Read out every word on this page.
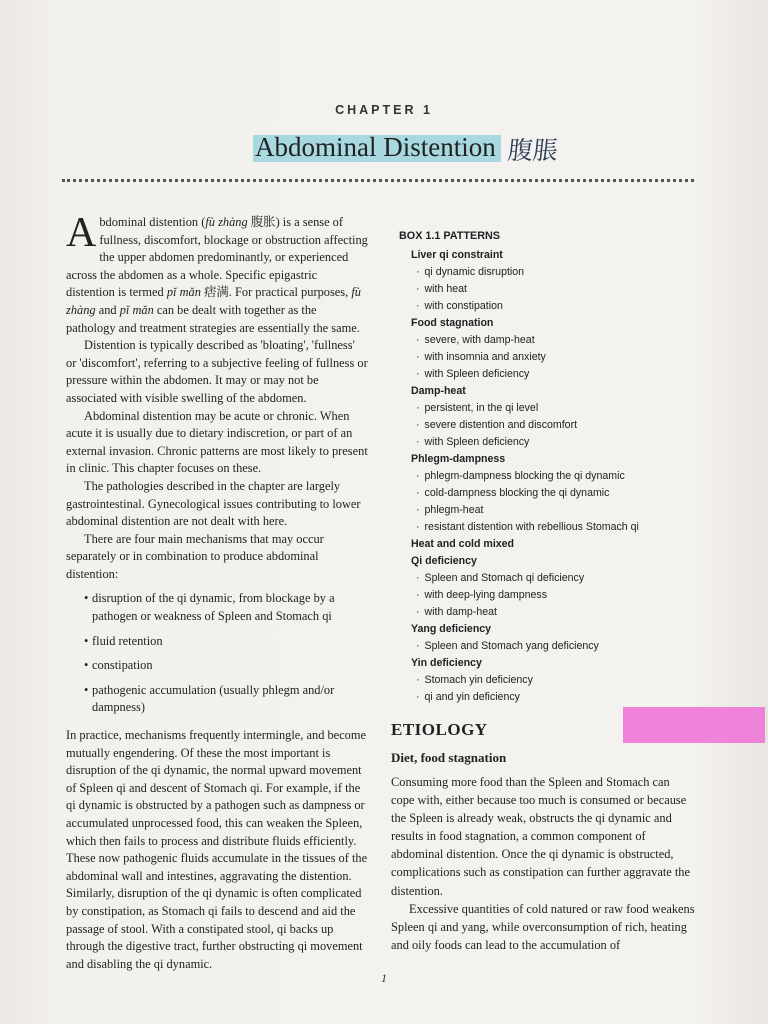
CHAPTER 1
Abdominal Distention 腹脹

Abdominal distention (fù zhàng 腹胀) is a sense of fullness, discomfort, blockage or obstruction affecting the upper abdomen predominantly, or experienced across the abdomen as a whole. Specific epigastric distention is termed pǐ mǎn 痞满. For practical purposes, fù zhàng and pǐ mǎn can be dealt with together as the pathology and treatment strategies are essentially the same.

Distention is typically described as 'bloating', 'fullness' or 'discomfort', referring to a subjective feeling of fullness or pressure within the abdomen. It may or may not be associated with visible swelling of the abdomen.

Abdominal distention may be acute or chronic. When acute it is usually due to dietary indiscretion, or part of an external invasion. Chronic patterns are most likely to present in clinic. This chapter focuses on these.

The pathologies described in the chapter are largely gastrointestinal. Gynecological issues contributing to lower abdominal distention are not dealt with here.

There are four main mechanisms that may occur separately or in combination to produce abdominal distention:

• disruption of the qi dynamic, from blockage by a pathogen or weakness of Spleen and Stomach qi
• fluid retention
• constipation
• pathogenic accumulation (usually phlegm and/or dampness)

In practice, mechanisms frequently intermingle, and become mutually engendering. Of these the most important is disruption of the qi dynamic, the normal upward movement of Spleen qi and descent of Stomach qi. For example, if the qi dynamic is obstructed by a pathogen such as dampness or accumulated unprocessed food, this can weaken the Spleen, which then fails to process and distribute fluids efficiently. These now pathogenic fluids accumulate in the tissues of the abdominal wall and intestines, aggravating the distention. Similarly, disruption of the qi dynamic is often complicated by constipation, as Stomach qi fails to descend and aid the passage of stool. With a constipated stool, qi backs up through the digestive tract, further obstructing qi movement and disabling the qi dynamic.

BOX 1.1 PATTERNS
Liver qi constraint
· qi dynamic disruption
· with heat
· with constipation
Food stagnation
· severe, with damp-heat
· with insomnia and anxiety
· with Spleen deficiency
Damp-heat
· persistent, in the qi level
· severe distention and discomfort
· with Spleen deficiency
Phlegm-dampness
· phlegm-dampness blocking the qi dynamic
· cold-dampness blocking the qi dynamic
· phlegm-heat
· resistant distention with rebellious Stomach qi
Heat and cold mixed
Qi deficiency
· Spleen and Stomach qi deficiency
· with deep-lying dampness
· with damp-heat
Yang deficiency
· Spleen and Stomach yang deficiency
Yin deficiency
· Stomach yin deficiency
· qi and yin deficiency
ETIOLOGY
Diet, food stagnation

Consuming more food than the Spleen and Stomach can cope with, either because too much is consumed or because the Spleen is already weak, obstructs the qi dynamic and results in food stagnation, a common component of abdominal distention. Once the qi dynamic is obstructed, complications such as constipation can further aggravate the distention.

Excessive quantities of cold natured or raw food weakens Spleen qi and yang, while overconsumption of rich, heating and oily foods can lead to the accumulation of

1
